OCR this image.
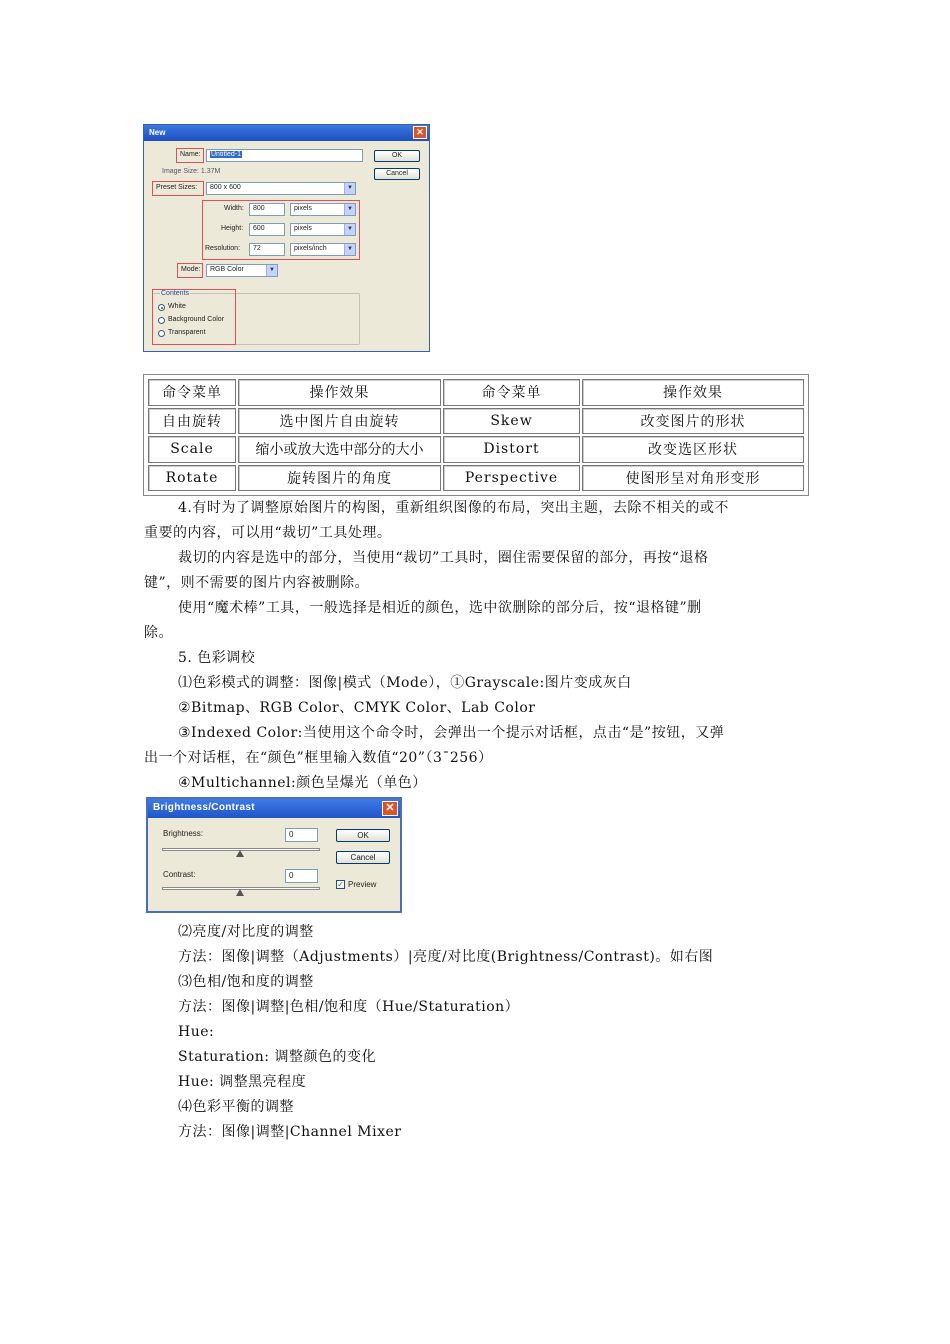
New	✕
Name:	Untitled-1
Image Size: 1.37M
Preset Sizes:	800 x 600	▼
Width:	800	pixels	▼
Height:	600	pixels	▼
Resolution:	72	pixels/inch	▼
Mode:	RGB Color	▼
OK
Cancel
Contents
White
Background Color
Transparent
命令菜单	操作效果	命令菜单	操作效果
自由旋转	选中图片自由旋转	Skew	改变图片的形状
Scale	缩小或放大选中部分的大小	Distort	改变选区形状
Rotate	旋转图片的角度	Perspective	使图形呈对角形变形
4.有时为了调整原始图片的构图，重新组织图像的布局，突出主题，去除不相关的或不
重要的内容，可以用“裁切”工具处理。
裁切的内容是选中的部分，当使用“裁切”工具时，圈住需要保留的部分，再按“退格
键”，则不需要的图片内容被删除。
使用“魔术棒”工具，一般选择是相近的颜色，选中欲删除的部分后，按“退格键”删
除。
5. 色彩调校
⑴色彩模式的调整：图像|模式（Mode），①Grayscale:图片变成灰白
②Bitmap、RGB Color、CMYK Color、Lab Color
③Indexed Color:当使用这个命令时，会弹出一个提示对话框，点击“是”按钮，又弹
出一个对话框，在“颜色”框里输入数值“20”（3¯256）
④Multichannel:颜色呈爆光（单色）
Brightness/Contrast	✕
Brightness:	0
Contrast:	0
OK
Cancel
✓ Preview
⑵亮度/对比度的调整
方法：图像|调整（Adjustments）|亮度/对比度(Brightness/Contrast)。如右图
⑶色相/饱和度的调整
方法：图像|调整|色相/饱和度（Hue/Staturation）
Hue:
Staturation: 调整颜色的变化
Hue: 调整黑亮程度
⑷色彩平衡的调整
方法：图像|调整|Channel Mixer
